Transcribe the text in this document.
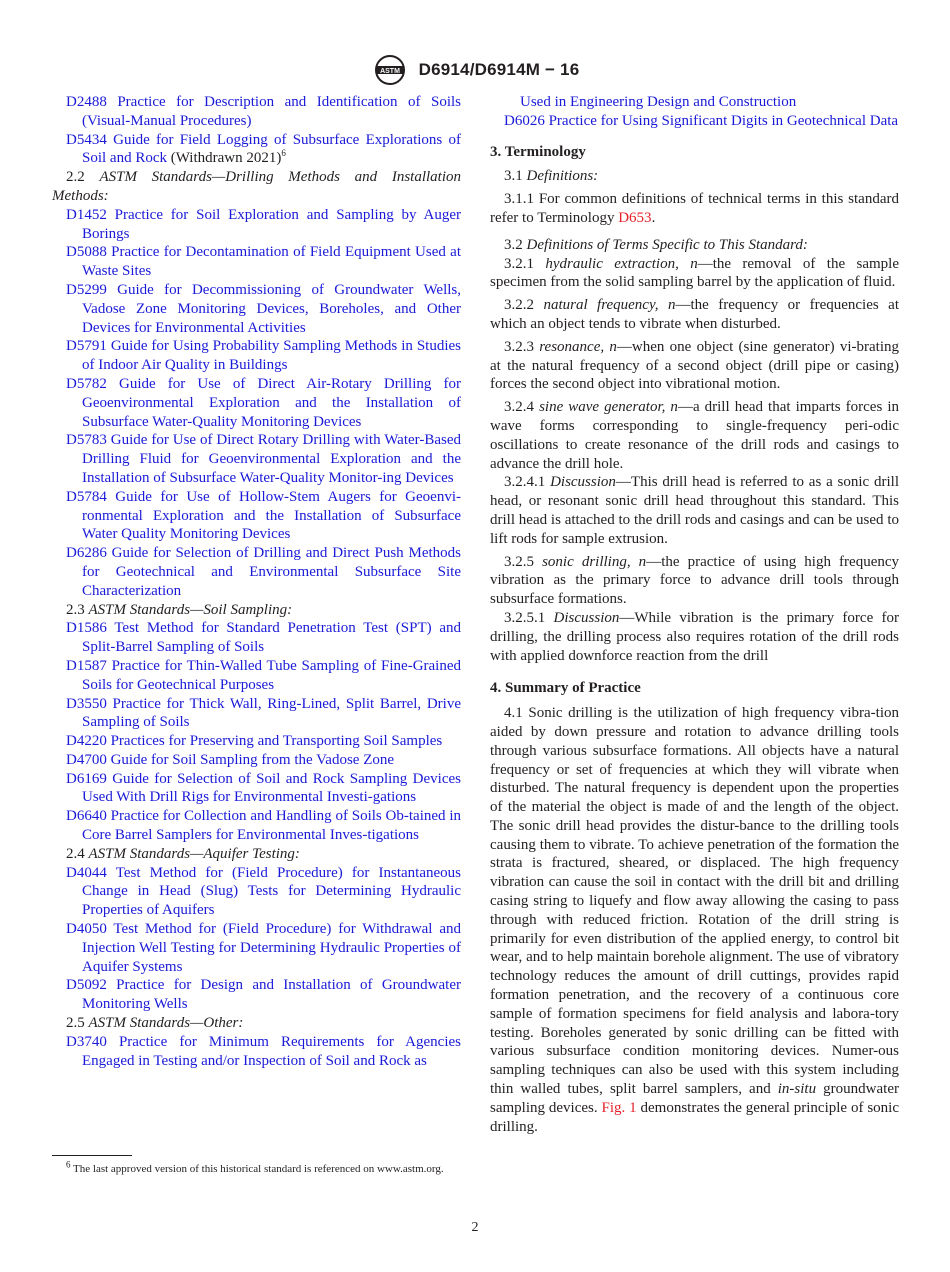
ASTM D6914/D6914M − 16
D2488 Practice for Description and Identification of Soils (Visual-Manual Procedures)
D5434 Guide for Field Logging of Subsurface Explorations of Soil and Rock (Withdrawn 2021)$^6$
2.2 ASTM Standards—Drilling Methods and Installation Methods:
D1452 Practice for Soil Exploration and Sampling by Auger Borings
D5088 Practice for Decontamination of Field Equipment Used at Waste Sites
D5299 Guide for Decommissioning of Groundwater Wells, Vadose Zone Monitoring Devices, Boreholes, and Other Devices for Environmental Activities
D5791 Guide for Using Probability Sampling Methods in Studies of Indoor Air Quality in Buildings
D5782 Guide for Use of Direct Air-Rotary Drilling for Geoenvironmental Exploration and the Installation of Subsurface Water-Quality Monitoring Devices
D5783 Guide for Use of Direct Rotary Drilling with Water-Based Drilling Fluid for Geoenvironmental Exploration and the Installation of Subsurface Water-Quality Monitor-ing Devices
D5784 Guide for Use of Hollow-Stem Augers for Geoenvi-ronmental Exploration and the Installation of Subsurface Water Quality Monitoring Devices
D6286 Guide for Selection of Drilling and Direct Push Methods for Geotechnical and Environmental Subsurface Site Characterization
2.3 ASTM Standards—Soil Sampling:
D1586 Test Method for Standard Penetration Test (SPT) and Split-Barrel Sampling of Soils
D1587 Practice for Thin-Walled Tube Sampling of Fine-Grained Soils for Geotechnical Purposes
D3550 Practice for Thick Wall, Ring-Lined, Split Barrel, Drive Sampling of Soils
D4220 Practices for Preserving and Transporting Soil Samples
D4700 Guide for Soil Sampling from the Vadose Zone
D6169 Guide for Selection of Soil and Rock Sampling Devices Used With Drill Rigs for Environmental Investi-gations
D6640 Practice for Collection and Handling of Soils Ob-tained in Core Barrel Samplers for Environmental Inves-tigations
2.4 ASTM Standards—Aquifer Testing:
D4044 Test Method for (Field Procedure) for Instantaneous Change in Head (Slug) Tests for Determining Hydraulic Properties of Aquifers
D4050 Test Method for (Field Procedure) for Withdrawal and Injection Well Testing for Determining Hydraulic Properties of Aquifer Systems
D5092 Practice for Design and Installation of Groundwater Monitoring Wells
2.5 ASTM Standards—Other:
D3740 Practice for Minimum Requirements for Agencies Engaged in Testing and/or Inspection of Soil and Rock as
Used in Engineering Design and Construction
D6026 Practice for Using Significant Digits in Geotechnical Data
3. Terminology
3.1 Definitions:
3.1.1 For common definitions of technical terms in this standard refer to Terminology D653.
3.2 Definitions of Terms Specific to This Standard:
3.2.1 hydraulic extraction, n—the removal of the sample specimen from the solid sampling barrel by the application of fluid.
3.2.2 natural frequency, n—the frequency or frequencies at which an object tends to vibrate when disturbed.
3.2.3 resonance, n—when one object (sine generator) vi-brating at the natural frequency of a second object (drill pipe or casing) forces the second object into vibrational motion.
3.2.4 sine wave generator, n—a drill head that imparts forces in wave forms corresponding to single-frequency peri-odic oscillations to create resonance of the drill rods and casings to advance the drill hole.
3.2.4.1 Discussion—This drill head is referred to as a sonic drill head, or resonant sonic drill head throughout this standard. This drill head is attached to the drill rods and casings and can be used to lift rods for sample extrusion.
3.2.5 sonic drilling, n—the practice of using high frequency vibration as the primary force to advance drill tools through subsurface formations.
3.2.5.1 Discussion—While vibration is the primary force for drilling, the drilling process also requires rotation of the drill rods with applied downforce reaction from the drill
4. Summary of Practice
4.1 Sonic drilling is the utilization of high frequency vibra-tion aided by down pressure and rotation to advance drilling tools through various subsurface formations. All objects have a natural frequency or set of frequencies at which they will vibrate when disturbed. The natural frequency is dependent upon the properties of the material the object is made of and the length of the object. The sonic drill head provides the distur-bance to the drilling tools causing them to vibrate. To achieve penetration of the formation the strata is fractured, sheared, or displaced. The high frequency vibration can cause the soil in contact with the drill bit and drilling casing string to liquefy and flow away allowing the casing to pass through with reduced friction. Rotation of the drill string is primarily for even distribution of the applied energy, to control bit wear, and to help maintain borehole alignment. The use of vibratory technology reduces the amount of drill cuttings, provides rapid formation penetration, and the recovery of a continuous core sample of formation specimens for field analysis and labora-tory testing. Boreholes generated by sonic drilling can be fitted with various subsurface condition monitoring devices. Numer-ous sampling techniques can also be used with this system including thin walled tubes, split barrel samplers, and in-situ groundwater sampling devices. Fig. 1 demonstrates the general principle of sonic drilling.
$^6$ The last approved version of this historical standard is referenced on www.astm.org.
2
